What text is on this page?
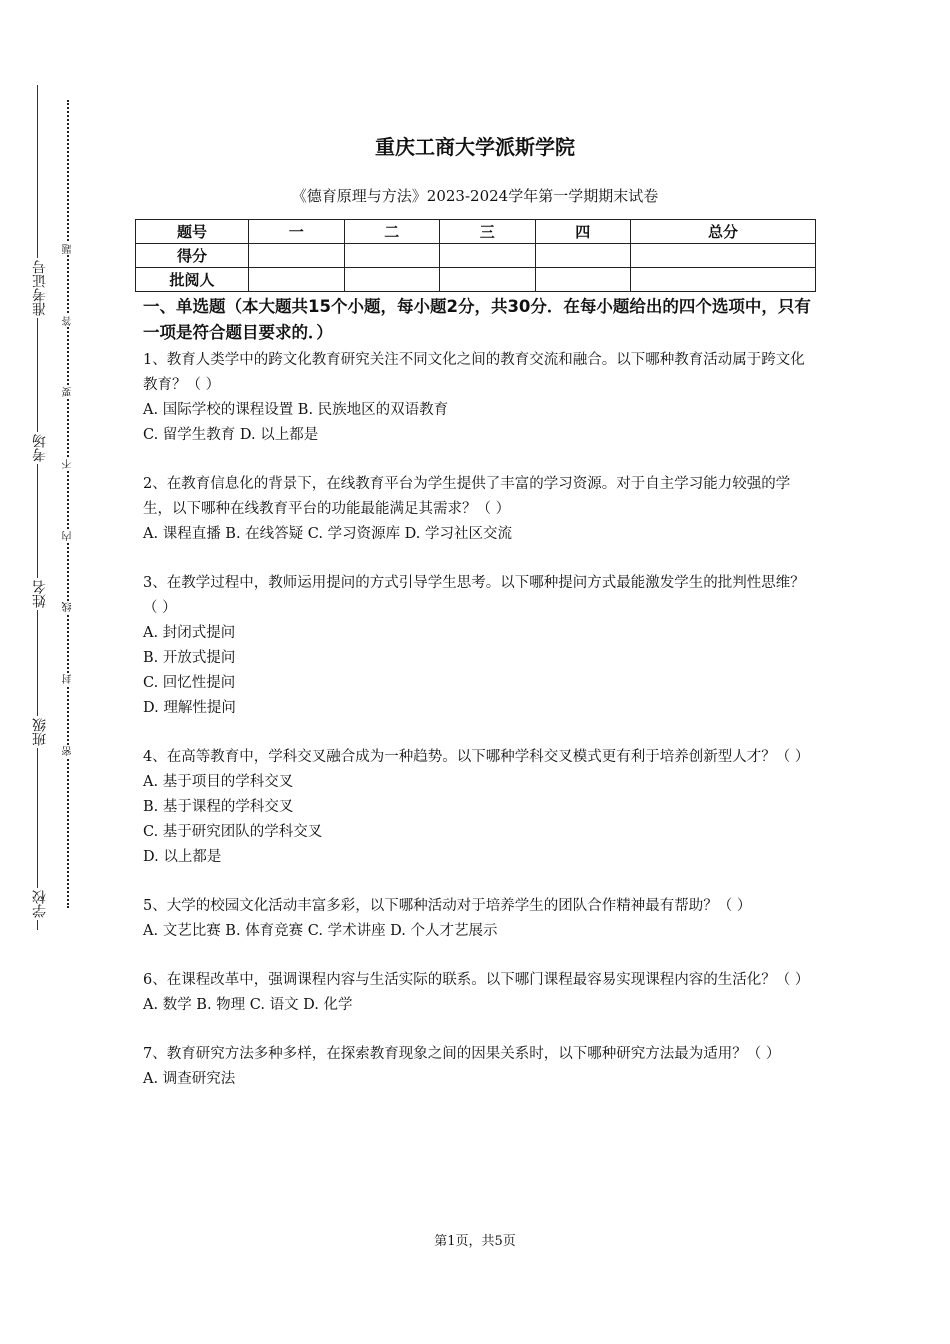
准考证号
考场
姓名
班级
学校
题
答
要
不
内
线
封
密
重庆工商大学派斯学院
《德育原理与方法》2023-2024学年第一学期期末试卷
题号	一	二	三	四	总分
得分					
批阅人					
一、单选题（本大题共15个小题，每小题2分，共30分．在每小题给出的四个选项中，只有一项是符合题目要求的．）

1、教育人类学中的跨文化教育研究关注不同文化之间的教育交流和融合。以下哪种教育活动属于跨文化教育？（ ）

A. 国际学校的课程设置 B. 民族地区的双语教育

C. 留学生教育 D. 以上都是

2、在教育信息化的背景下，在线教育平台为学生提供了丰富的学习资源。对于自主学习能力较强的学生，以下哪种在线教育平台的功能最能满足其需求？（ ）

A. 课程直播 B. 在线答疑 C. 学习资源库 D. 学习社区交流

3、在教学过程中，教师运用提问的方式引导学生思考。以下哪种提问方式最能激发学生的批判性思维？（ ）

A. 封闭式提问

B. 开放式提问

C. 回忆性提问

D. 理解性提问

4、在高等教育中，学科交叉融合成为一种趋势。以下哪种学科交叉模式更有利于培养创新型人才？（ ）

A. 基于项目的学科交叉

B. 基于课程的学科交叉

C. 基于研究团队的学科交叉

D. 以上都是

5、大学的校园文化活动丰富多彩，以下哪种活动对于培养学生的团队合作精神最有帮助？（ ）

A. 文艺比赛 B. 体育竞赛 C. 学术讲座 D. 个人才艺展示

6、在课程改革中，强调课程内容与生活实际的联系。以下哪门课程最容易实现课程内容的生活化？（ ）

A. 数学 B. 物理 C. 语文 D. 化学

7、教育研究方法多种多样，在探索教育现象之间的因果关系时，以下哪种研究方法最为适用？（ ）

A. 调查研究法

第1页，共5页
